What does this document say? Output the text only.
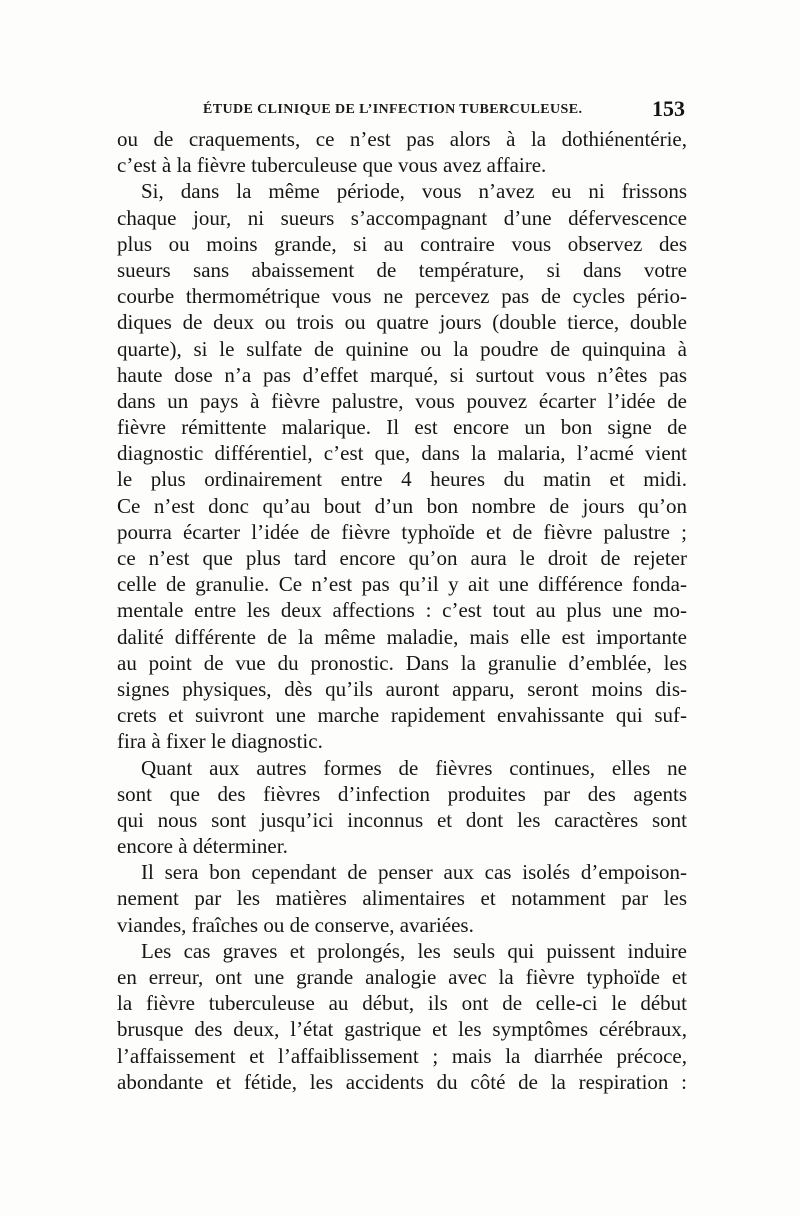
ÉTUDE CLINIQUE DE L’INFECTION TUBERCULEUSE.	153
ou de craquements, ce n’est pas alors à la dothiénentérie,
c’est à la fièvre tuberculeuse que vous avez affaire.
Si, dans la même période, vous n’avez eu ni frissons
chaque jour, ni sueurs s’accompagnant d’une défervescence
plus ou moins grande, si au contraire vous observez des
sueurs sans abaissement de température, si dans votre
courbe thermométrique vous ne percevez pas de cycles pério-
diques de deux ou trois ou quatre jours (double tierce, double
quarte), si le sulfate de quinine ou la poudre de quinquina à
haute dose n’a pas d’effet marqué, si surtout vous n’êtes pas
dans un pays à fièvre palustre, vous pouvez écarter l’idée de
fièvre rémittente malarique. Il est encore un bon signe de
diagnostic différentiel, c’est que, dans la malaria, l’acmé vient
le plus ordinairement entre 4 heures du matin et midi.
Ce n’est donc qu’au bout d’un bon nombre de jours qu’on
pourra écarter l’idée de fièvre typhoïde et de fièvre palustre ;
ce n’est que plus tard encore qu’on aura le droit de rejeter
celle de granulie. Ce n’est pas qu’il y ait une différence fonda-
mentale entre les deux affections : c’est tout au plus une mo-
dalité différente de la même maladie, mais elle est importante
au point de vue du pronostic. Dans la granulie d’emblée, les
signes physiques, dès qu’ils auront apparu, seront moins dis-
crets et suivront une marche rapidement envahissante qui suf-
fira à fixer le diagnostic.
Quant aux autres formes de fièvres continues, elles ne
sont que des fièvres d’infection produites par des agents
qui nous sont jusqu’ici inconnus et dont les caractères sont
encore à déterminer.
Il sera bon cependant de penser aux cas isolés d’empoison-
nement par les matières alimentaires et notamment par les
viandes, fraîches ou de conserve, avariées.
Les cas graves et prolongés, les seuls qui puissent induire
en erreur, ont une grande analogie avec la fièvre typhoïde et
la fièvre tuberculeuse au début, ils ont de celle-ci le début
brusque des deux, l’état gastrique et les symptômes cérébraux,
l’affaissement et l’affaiblissement ; mais la diarrhée précoce,
abondante et fétide, les accidents du côté de la respiration :
